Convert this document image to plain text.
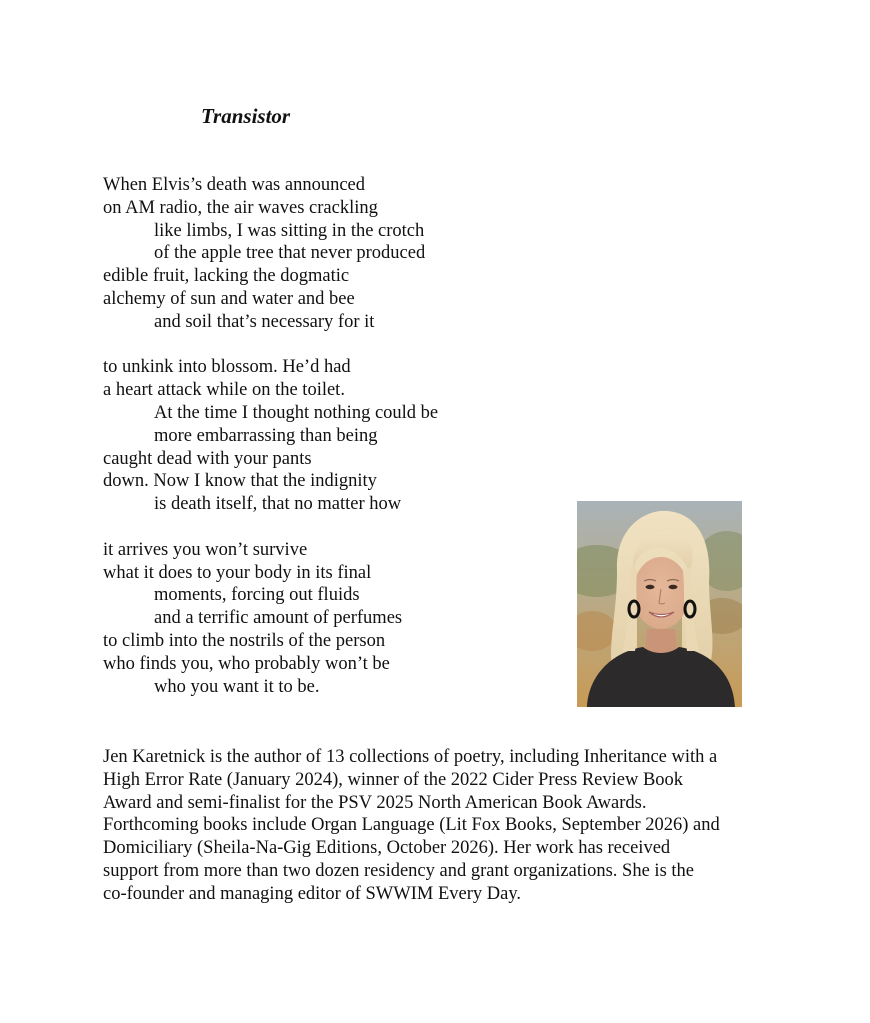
Transistor
When Elvis’s death was announced
on AM radio, the air waves crackling
like limbs, I was sitting in the crotch
of the apple tree that never produced
edible fruit, lacking the dogmatic
alchemy of sun and water and bee
and soil that’s necessary for it
to unkink into blossom. He’d had
a heart attack while on the toilet.
At the time I thought nothing could be
more embarrassing than being
caught dead with your pants
down. Now I know that the indignity
is death itself, that no matter how
it arrives you won’t survive
what it does to your body in its final
moments, forcing out fluids
and a terrific amount of perfumes
to climb into the nostrils of the person
who finds you, who probably won’t be
who you want it to be.
Jen Karetnick is the author of 13 collections of poetry, including Inheritance with a
High Error Rate (January 2024), winner of the 2022 Cider Press Review Book
Award and semi-finalist for the PSV 2025 North American Book Awards.
Forthcoming books include Organ Language (Lit Fox Books, September 2026) and
Domiciliary (Sheila-Na-Gig Editions, October 2026). Her work has received
support from more than two dozen residency and grant organizations. She is the
co-founder and managing editor of SWWIM Every Day.
